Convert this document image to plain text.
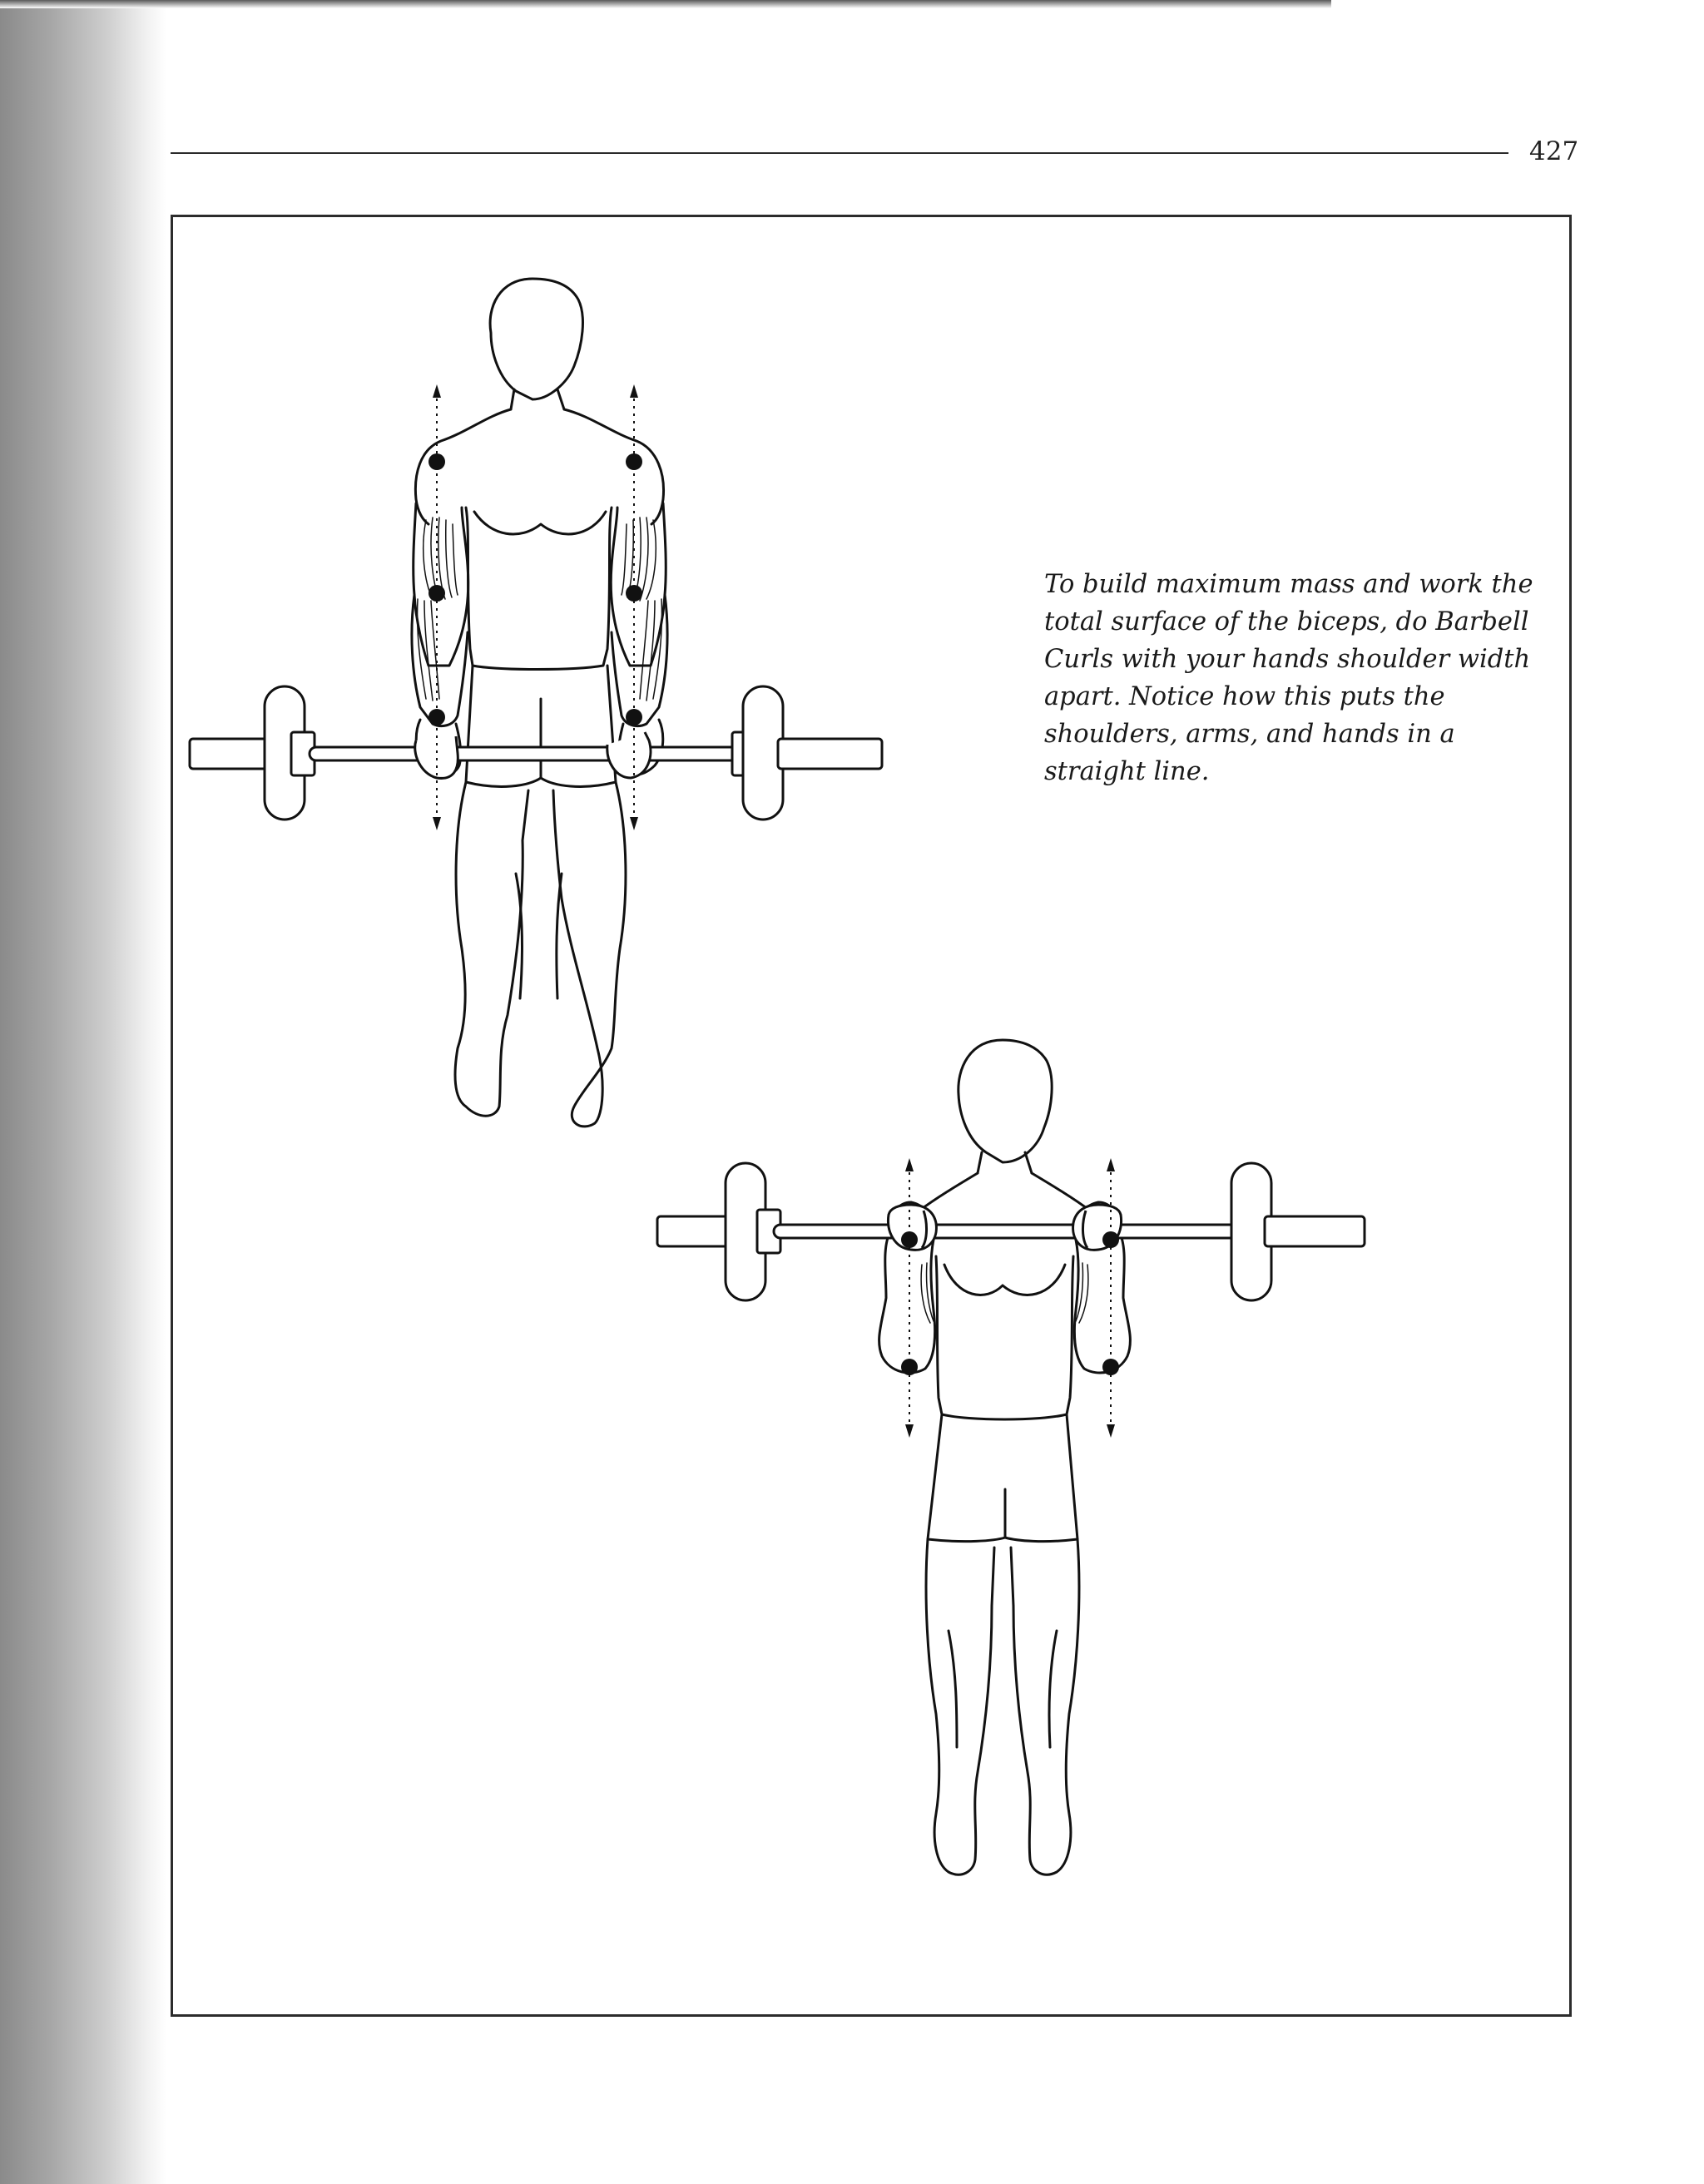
427
To build maximum mass and work the
total surface of the biceps, do Barbell
Curls with your hands shoulder width
apart. Notice how this puts the
shoulders, arms, and hands in a
straight line.
